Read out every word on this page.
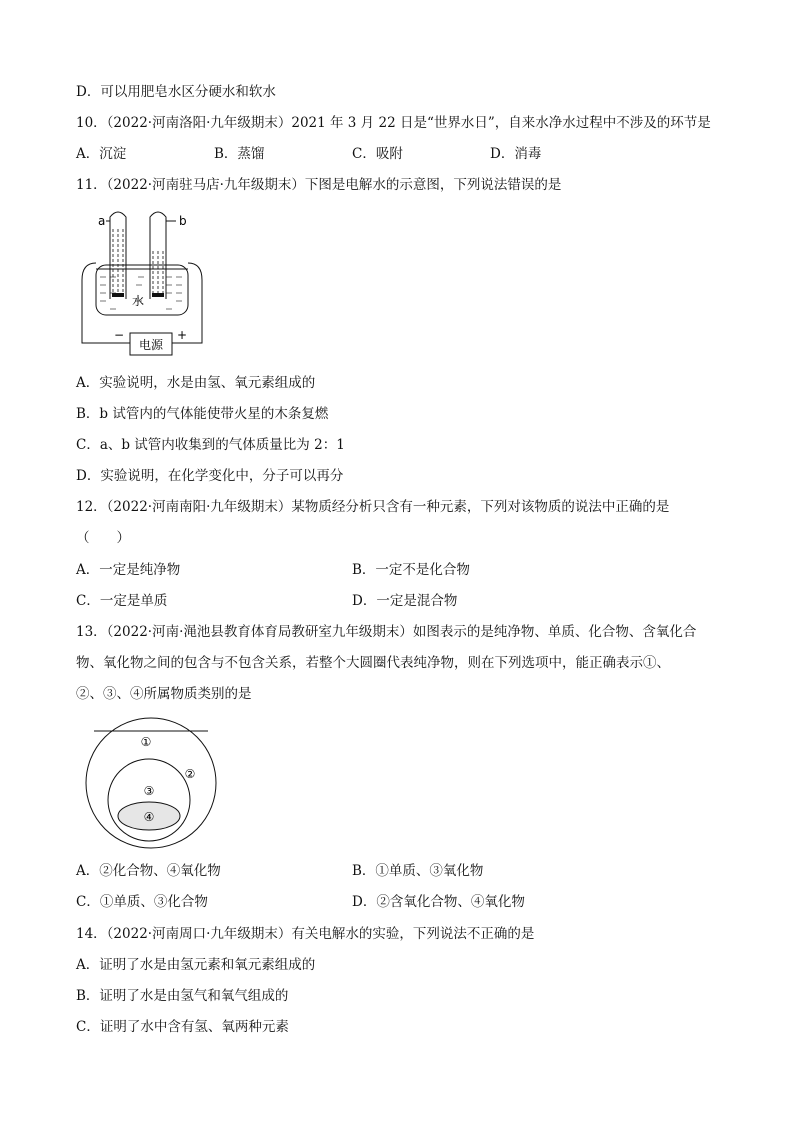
D．可以用肥皂水区分硬水和软水
10．（2022·河南洛阳·九年级期末）2021 年 3 月 22 日是“世界水日”，自来水净水过程中不涉及的环节是
A．沉淀	B．蒸馏	C．吸附	D．消毒
11．（2022·河南驻马店·九年级期末）下图是电解水的示意图，下列说法错误的是
a	b
水
−	+
电源
A．实验说明，水是由氢、氧元素组成的
B．b 试管内的气体能使带火星的木条复燃
C．a、b 试管内收集到的气体质量比为 2：1
D．实验说明，在化学变化中，分子可以再分
12．（2022·河南南阳·九年级期末）某物质经分析只含有一种元素，下列对该物质的说法中正确的是
（　　）
A．一定是纯净物	B．一定不是化合物
C．一定是单质	D．一定是混合物
13．（2022·河南·渑池县教育体育局教研室九年级期末）如图表示的是纯净物、单质、化合物、含氧化合
物、氧化物之间的包含与不包含关系，若整个大圆圈代表纯净物，则在下列选项中，能正确表示①、
②、③、④所属物质类别的是
①
②
③
④
A．②化合物、④氧化物	B．①单质、③氧化物
C．①单质、③化合物	D．②含氧化合物、④氧化物
14．（2022·河南周口·九年级期末）有关电解水的实验，下列说法不正确的是
A．证明了水是由氢元素和氧元素组成的
B．证明了水是由氢气和氧气组成的
C．证明了水中含有氢、氧两种元素
